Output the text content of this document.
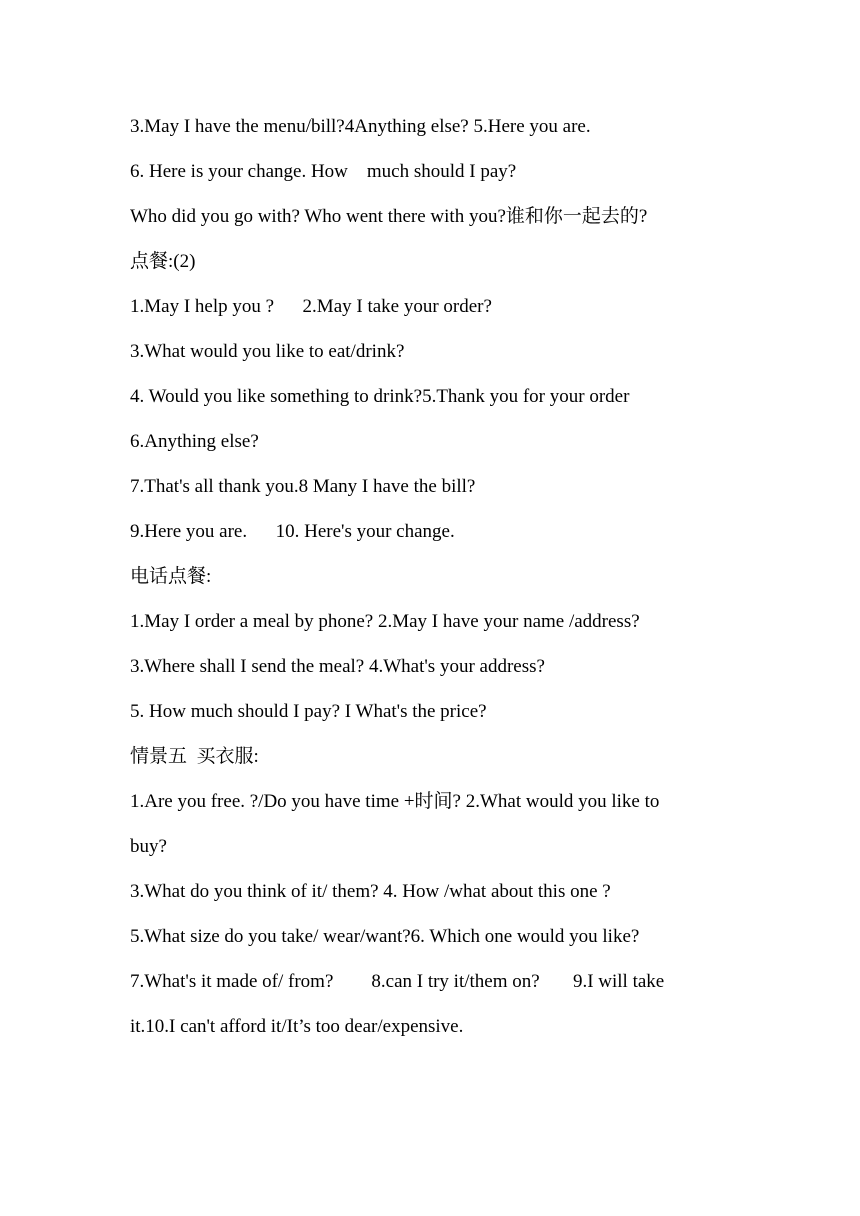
3.May I have the menu/bill?4Anything else? 5.Here you are.
6. Here is your change. How    much should I pay?
Who did you go with? Who went there with you?谁和你一起去的?
点餐:(2)
1.May I help you ?      2.May I take your order?
3.What would you like to eat/drink?
4. Would you like something to drink?5.Thank you for your order
6.Anything else?
7.That's all thank you.8 Many I have the bill?
9.Here you are.      10. Here's your change.
电话点餐:
1.May I order a meal by phone? 2.May I have your name /address?
3.Where shall I send the meal? 4.What's your address?
5. How much should I pay? I What's the price?
情景五  买衣服:
1.Are you free. ?/Do you have time +时间? 2.What would you like to
buy?
3.What do you think of it/ them? 4. How /what about this one ?
5.What size do you take/ wear/want?6. Which one would you like?
7.What's it made of/ from?        8.can I try it/them on?       9.I will take
it.10.I can't afford it/It’s too dear/expensive.
